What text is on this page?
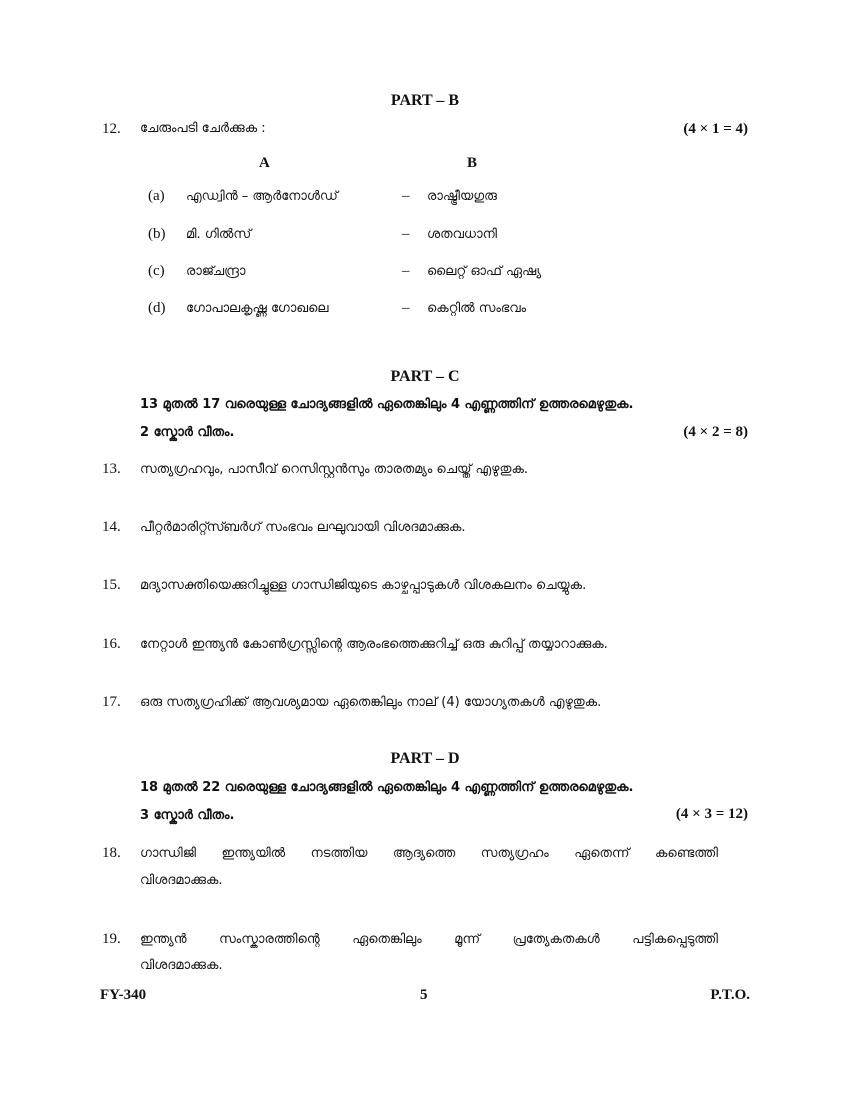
PART – B
12. ചേരുംപടി ചേർക്കുക :	(4 × 1 = 4)
A	B
(a) എഡ്വിൻ – ആർനോൾഡ്	– രാഷ്ട്രീയഗുരു
(b) മി. ഗിൽസ്	– ശതവധാനി
(c) രാജ്ചന്ദ്രാ	– ലൈറ്റ് ഓഫ് ഏഷ്യ
(d) ഗോപാലകൃഷ്ണ ഗോഖലെ	– കെറ്റിൽ സംഭവം
PART – C
13 മുതൽ 17 വരെയുള്ള ചോദ്യങ്ങളിൽ ഏതെങ്കിലും 4 എണ്ണത്തിന് ഉത്തരമെഴുതുക.
2 സ്കോർ വീതം.	(4 × 2 = 8)
13. സത്യഗ്രഹവും, പാസീവ് റെസിസ്റ്റൻസും താരതമ്യം ചെയ്ത് എഴുതുക.
14. പീറ്റർമാരിറ്റ്സ്ബർഗ് സംഭവം ലഘുവായി വിശദമാക്കുക.
15. മദ്യാസക്തിയെക്കുറിച്ചുള്ള ഗാന്ധിജിയുടെ കാഴ്ചപ്പാടുകൾ വിശകലനം ചെയ്യുക.
16. നേറ്റാൾ ഇന്ത്യൻ കോൺഗ്രസ്സിന്റെ ആരംഭത്തെക്കുറിച്ച് ഒരു കുറിപ്പ് തയ്യാറാക്കുക.
17. ഒരു സത്യഗ്രഹിക്ക് ആവശ്യമായ ഏതെങ്കിലും നാല് (4) യോഗ്യതകൾ എഴുതുക.
PART – D
18 മുതൽ 22 വരെയുള്ള ചോദ്യങ്ങളിൽ ഏതെങ്കിലും 4 എണ്ണത്തിന് ഉത്തരമെഴുതുക.
3 സ്കോർ വീതം.	(4 × 3 = 12)
18. ഗാന്ധിജി ഇന്ത്യയിൽ നടത്തിയ ആദ്യത്തെ സത്യഗ്രഹം ഏതെന്ന് കണ്ടെത്തി
വിശദമാക്കുക.
19. ഇന്ത്യൻ സംസ്കാരത്തിന്റെ ഏതെങ്കിലും മൂന്ന് പ്രത്യേകതകൾ പട്ടികപ്പെടുത്തി
വിശദമാക്കുക.
FY-340	5	P.T.O.
